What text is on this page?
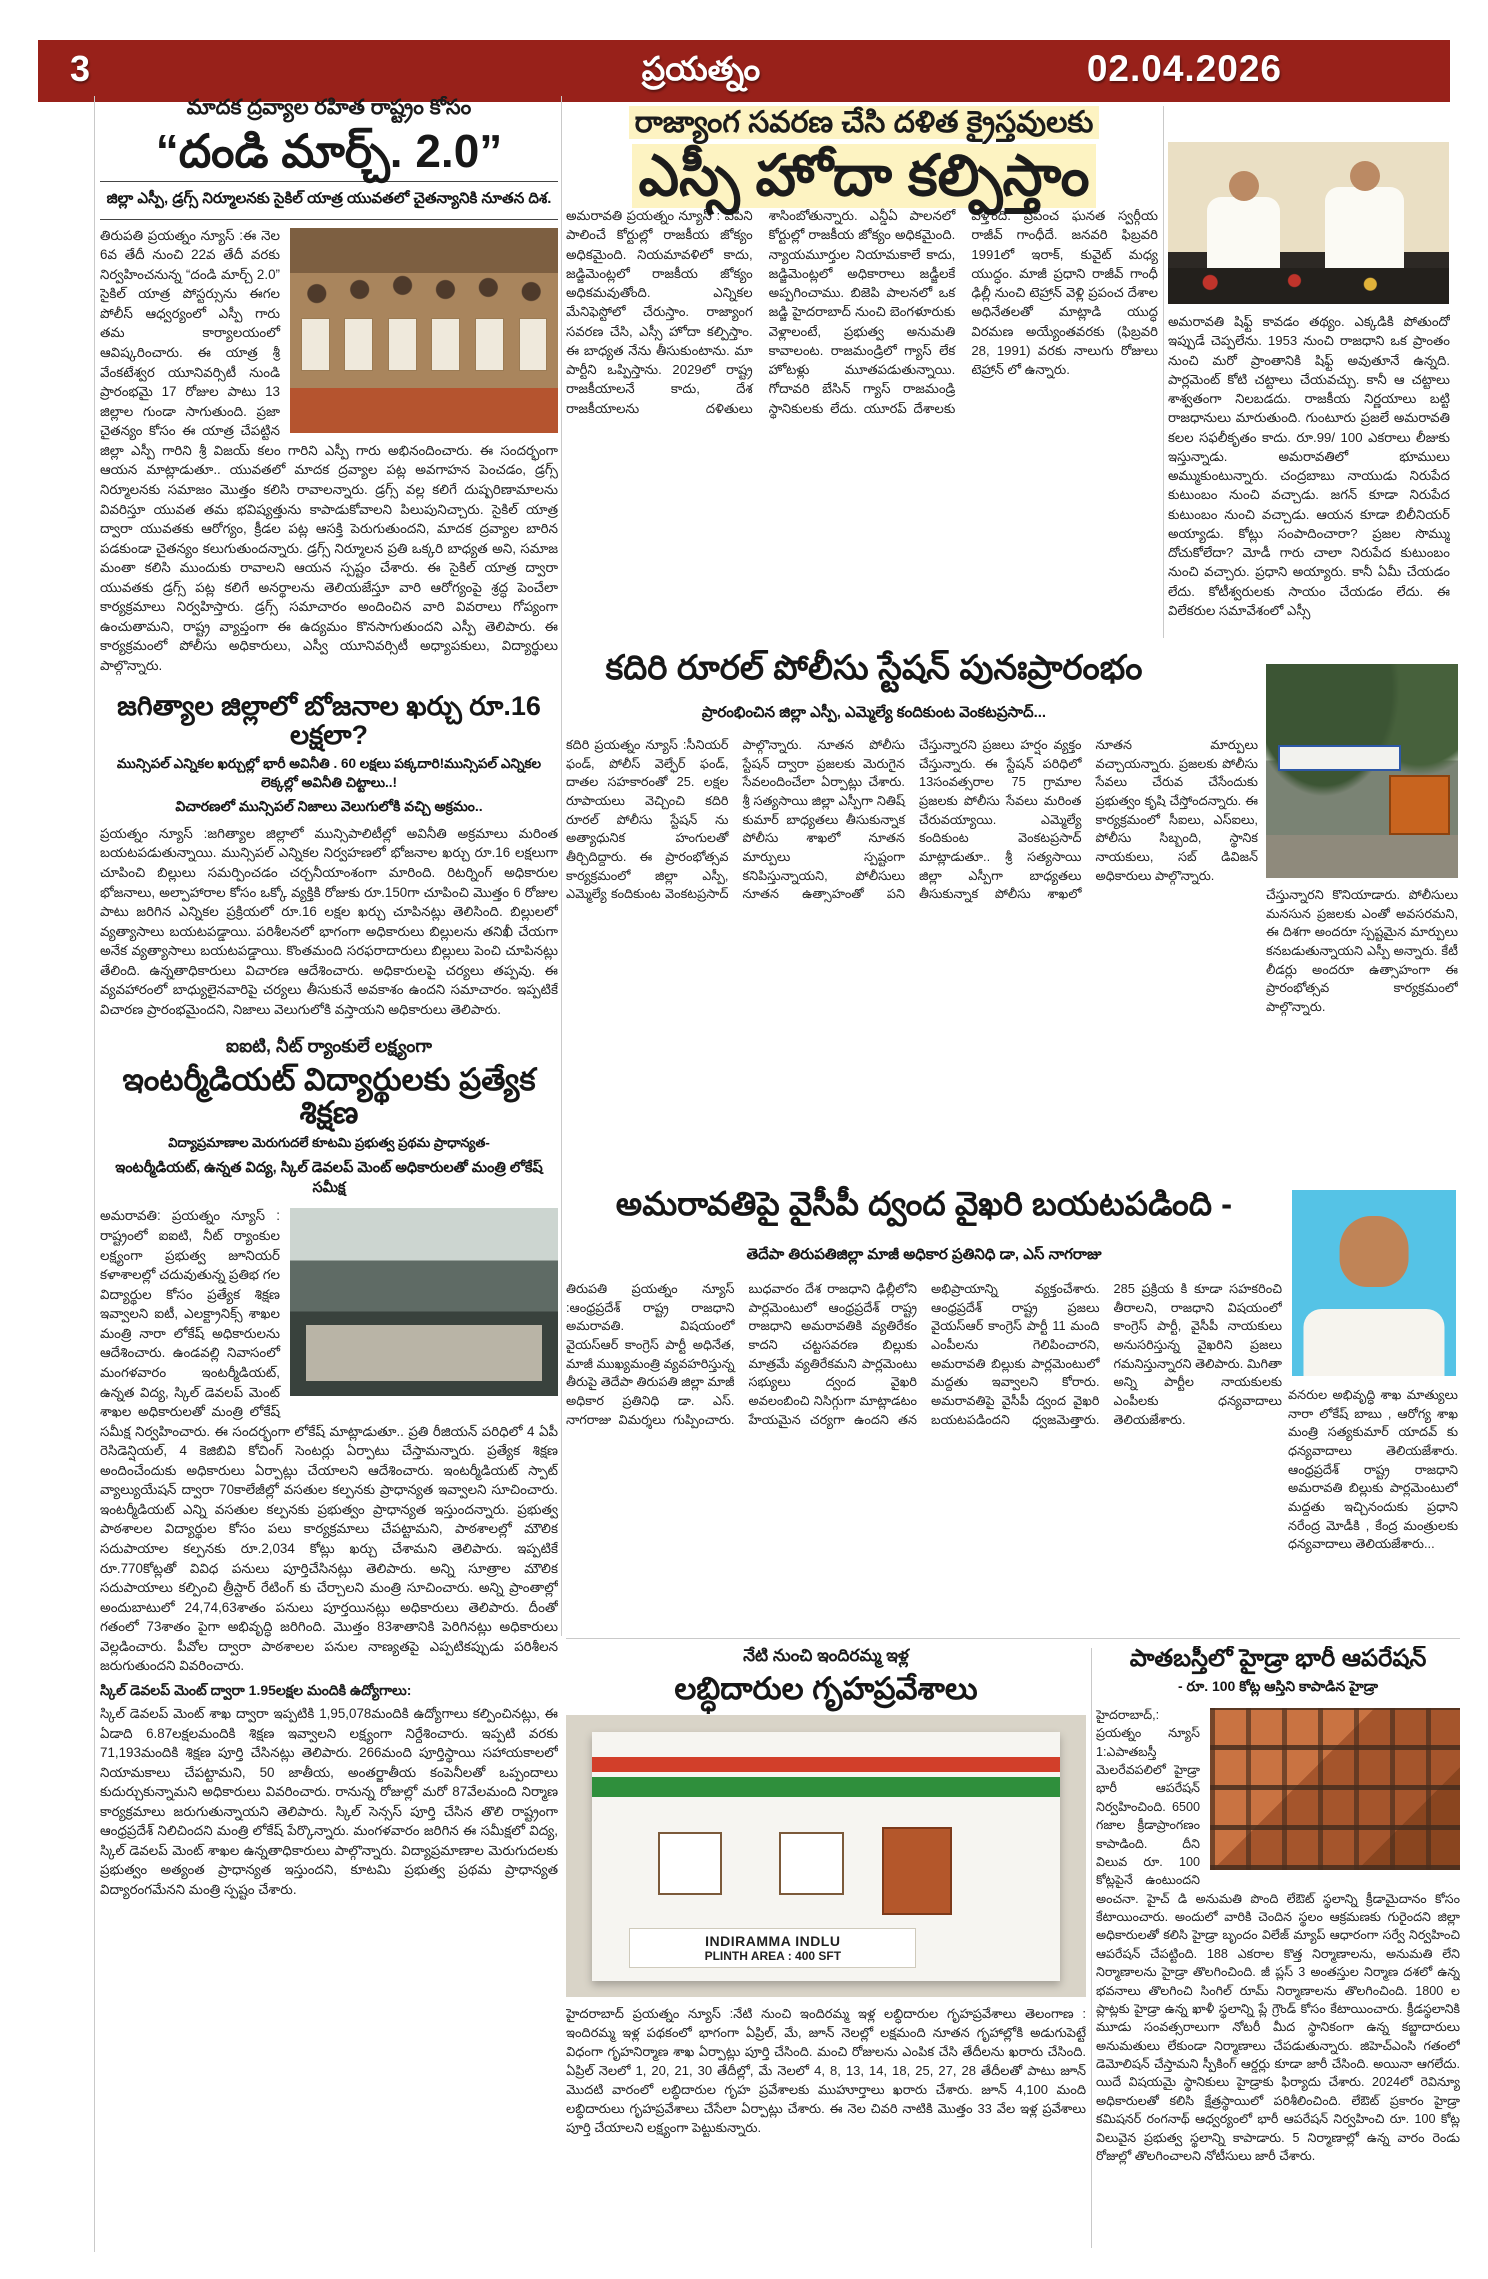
3	ప్రయత్నం	02.04.2026
మాదక ద్రవ్యాల రహిత రాష్ట్రం కోసం
“దండి మార్చ్. 2.0”
జిల్లా ఎస్పీ, డ్రగ్స్ నిర్మూలనకు సైకిల్ యాత్ర యువతలో చైతన్యానికి నూతన దిశ.
తిరుపతి ప్రయత్నం న్యూస్ :ఈ నెల 6వ తేదీ నుంచి 22వ తేదీ వరకు నిర్వహించనున్న “దండి మార్చ్ 2.0” సైకిల్ యాత్ర పోస్టర్సును ఈగల పోలీస్ ఆధ్వర్యంలో ఎస్పీ గారు తమ కార్యాలయంలో ఆవిష్కరించారు. ఈ యాత్ర శ్రీ వేంకటేశ్వర యూనివర్సిటీ నుండి ప్రారంభమై 17 రోజుల పాటు 13 జిల్లాల గుండా సాగుతుంది. ప్రజా చైతన్యం కోసం ఈ యాత్ర చేపట్టిన జిల్లా ఎస్పీ గారిని శ్రీ విజయ్ కలం గారిని ఎస్పీ గారు అభినందించారు. ఈ సందర్భంగా ఆయన మాట్లాడుతూ.. యువతలో మాదక ద్రవ్యాల పట్ల అవగాహన పెంచడం, డ్రగ్స్ నిర్మూలనకు సమాజం మొత్తం కలిసి రావాలన్నారు. డ్రగ్స్ వల్ల కలిగే దుష్పరిణామాలను వివరిస్తూ యువత తమ భవిష్యత్తును కాపాడుకోవాలని పిలుపునిచ్చారు. సైకిల్ యాత్ర ద్వారా యువతకు ఆరోగ్యం, క్రీడల పట్ల ఆసక్తి పెరుగుతుందని, మాదక ద్రవ్యాల బారిన పడకుండా చైతన్యం కలుగుతుందన్నారు. డ్రగ్స్ నిర్మూలన ప్రతి ఒక్కరి బాధ్యత అని, సమాజ మంతా కలిసి ముందుకు రావాలని ఆయన స్పష్టం చేశారు. ఈ సైకిల్ యాత్ర ద్వారా యువతకు డ్రగ్స్ పట్ల కలిగే అనర్థాలను తెలియజేస్తూ వారి ఆరోగ్యంపై శ్రద్ధ పెంచేలా కార్యక్రమాలు నిర్వహిస్తారు. డ్రగ్స్ సమాచారం అందించిన వారి వివరాలు గోప్యంగా ఉంచుతామని, రాష్ట్ర వ్యాప్తంగా ఈ ఉద్యమం కొనసాగుతుందని ఎస్పీ తెలిపారు. ఈ కార్యక్రమంలో పోలీసు అధికారులు, ఎస్వీ యూనివర్సిటీ అధ్యాపకులు, విద్యార్థులు పాల్గొన్నారు.
జగిత్యాల జిల్లాలో బోజనాల ఖర్చు రూ.16 లక్షలా?
మున్సిపల్ ఎన్నికల ఖర్చుల్లో భారీ అవినీతి . 60 లక్షలు పక్కదారి!మున్సిపల్ ఎన్నికల లెక్కల్లో అవినీతి చిట్టాలు..!
విచారణలో మున్సిపల్ నిజాలు వెలుగులోకి వచ్చి అక్రమం..
ప్రయత్నం న్యూస్ :జగిత్యాల జిల్లాలో మున్సిపాలిటీల్లో అవినీతి అక్రమాలు మరింత బయటపడుతున్నాయి. మున్సిపల్ ఎన్నికల నిర్వహణలో భోజనాల ఖర్చు రూ.16 లక్షలుగా చూపించి బిల్లులు సమర్పించడం చర్చనీయాంశంగా మారింది. రిటర్నింగ్ అధికారుల భోజనాలు, అల్పాహారాల కోసం ఒక్కో వ్యక్తికి రోజుకు రూ.150గా చూపించి మొత్తం 6 రోజుల పాటు జరిగిన ఎన్నికల ప్రక్రియలో రూ.16 లక్షల ఖర్చు చూపినట్లు తెలిసింది. బిల్లులలో వ్యత్యాసాలు బయటపడ్డాయి. పరిశీలనలో భాగంగా అధికారులు బిల్లులను తనిఖీ చేయగా అనేక వ్యత్యాసాలు బయటపడ్డాయి. కొంతమంది సరఫరాదారులు బిల్లులు పెంచి చూపినట్లు తేలింది. ఉన్నతాధికారులు విచారణ ఆదేశించారు. అధికారులపై చర్యలు తప్పవు. ఈ వ్యవహారంలో బాధ్యులైనవారిపై చర్యలు తీసుకునే అవకాశం ఉందని సమాచారం. ఇప్పటికే విచారణ ప్రారంభమైందని, నిజాలు వెలుగులోకి వస్తాయని అధికారులు తెలిపారు.
ఐఐటి, నీట్ ర్యాంకులే లక్ష్యంగా
ఇంటర్మీడియట్ విద్యార్థులకు ప్రత్యేక శిక్షణ
విద్యాప్రమాణాల మెరుగుదలే కూటమి ప్రభుత్వ ప్రథమ ప్రాధాన్యత-
ఇంటర్మీడియట్, ఉన్నత విద్య, స్కిల్ డెవలప్ మెంట్ అధికారులతో మంత్రి లోకేష్ సమీక్ష
అమరావతి: ప్రయత్నం న్యూస్ : రాష్ట్రంలో ఐఐటి, నీట్ ర్యాంకుల లక్ష్యంగా ప్రభుత్వ జూనియర్ కళాశాలల్లో చదువుతున్న ప్రతిభ గల విద్యార్థుల కోసం ప్రత్యేక శిక్షణ ఇవ్వాలని ఐటీ, ఎలక్ట్రానిక్స్ శాఖల మంత్రి నారా లోకేష్ అధికారులను ఆదేశించారు. ఉండవల్లి నివాసంలో మంగళవారం ఇంటర్మీడియట్, ఉన్నత విద్య, స్కిల్ డెవలప్ మెంట్ శాఖల అధికారులతో మంత్రి లోకేష్ సమీక్ష నిర్వహించారు. ఈ సందర్భంగా లోకేష్ మాట్లాడుతూ.. ప్రతి రీజియన్ పరిధిలో 4 ఏపీ రెసిడెన్షియల్, 4 కెజిబివి కోచింగ్ సెంటర్లు ఏర్పాటు చేస్తామన్నారు. ప్రత్యేక శిక్షణ అందించేందుకు అధికారులు ఏర్పాట్లు చేయాలని ఆదేశించారు. ఇంటర్మీడియట్ స్పాట్ వ్యాల్యుయేషన్ ద్వారా 70కాలేజీల్లో వసతుల కల్పనకు ప్రాధాన్యత ఇవ్వాలని సూచించారు. ఇంటర్మీడియట్ ఎన్ని వసతుల కల్పనకు ప్రభుత్వం ప్రాధాన్యత ఇస్తుందన్నారు. ప్రభుత్వ పాఠశాలల విద్యార్థుల కోసం పలు కార్యక్రమాలు చేపట్టామని, పాఠశాలల్లో మౌలిక సదుపాయాల కల్పనకు రూ.2,034 కోట్లు ఖర్చు చేశామని తెలిపారు. ఇప్పటికే రూ.770కోట్లతో వివిధ పనులు పూర్తిచేసినట్లు తెలిపారు. అన్ని సూత్రాల మౌలిక సదుపాయాలు కల్పించి త్రీస్టార్ రేటింగ్ కు చేర్చాలని మంత్రి సూచించారు. అన్ని ప్రాంతాల్లో అందుబాటులో 24,74,63శాతం పనులు పూర్తయినట్లు అధికారులు తెలిపారు. దీంతో గతంలో 73శాతం పైగా అభివృద్ధి జరిగింది. మొత్తం 83శాతానికి పెరిగినట్లు అధికారులు వెల్లడించారు. పీవోల ద్వారా పాఠశాలల పనుల నాణ్యతపై ఎప్పటికప్పుడు పరిశీలన జరుగుతుందని వివరించారు.
స్కిల్ డెవలప్ మెంట్ ద్వారా 1.95లక్షల మందికి ఉద్యోగాలు:
స్కిల్ డెవలప్ మెంట్ శాఖ ద్వారా ఇప్పటికి 1,95,078మందికి ఉద్యోగాలు కల్పించినట్లు, ఈ ఏడాది 6.87లక్షలమందికి శిక్షణ ఇవ్వాలని లక్ష్యంగా నిర్దేశించారు. ఇప్పటి వరకు 71,193మందికి శిక్షణ పూర్తి చేసినట్లు తెలిపారు. 266మంది పూర్తిస్థాయి సహాయకాలలో నియామకాలు చేపట్టామని, 50 జాతీయ, అంతర్జాతీయ కంపెనీలతో ఒప్పందాలు కుదుర్చుకున్నామని అధికారులు వివరించారు. రానున్న రోజుల్లో మరో 87వేలమంది నిర్మాణ కార్యక్రమాలు జరుగుతున్నాయని తెలిపారు. స్కిల్ సెన్సస్ పూర్తి చేసిన తొలి రాష్ట్రంగా ఆంధ్రప్రదేశ్ నిలిచిందని మంత్రి లోకేష్ పేర్కొన్నారు. మంగళవారం జరిగిన ఈ సమీక్షలో విద్య, స్కిల్ డెవలప్ మెంట్ శాఖల ఉన్నతాధికారులు పాల్గొన్నారు. విద్యాప్రమాణాల మెరుగుదలకు ప్రభుత్వం అత్యంత ప్రాధాన్యత ఇస్తుందని, కూటమి ప్రభుత్వ ప్రథమ ప్రాధాన్యత విద్యారంగమేనని మంత్రి స్పష్టం చేశారు.
రాజ్యాంగ సవరణ చేసి దళిత క్రైస్తవులకు
ఎస్సీ హోదా కల్పిస్తాం
అమరావతి ప్రయత్నం న్యూస్ : ఏపీని పాలించే కోర్టుల్లో రాజకీయ జోక్యం అధికమైంది. నియమావళిలో కాదు, జడ్జిమెంట్లలో రాజకీయ జోక్యం అధికమవుతోంది. ఎన్నికల మేనిఫెస్టోలో చేరుస్తాం. రాజ్యాంగ సవరణ చేసి, ఎస్సీ హోదా కల్పిస్తాం. ఈ బాధ్యత నేను తీసుకుంటాను. మా పార్టీని ఒప్పిస్తాను. 2029లో రాష్ట్ర రాజకీయాలనే కాదు, దేశ రాజకీయాలను దళితులు శాసింబోతున్నారు. ఎన్డీఏ పాలనలో కోర్టుల్లో రాజకీయ జోక్యం అధికమైంది. న్యాయమూర్తుల నియామకాలే కాదు, జడ్జిమెంట్లలో అధికారాలు జడ్జీలకే అప్పగించాము. బిజెపి పాలనలో ఒక జడ్జి హైదరాబాద్ నుంచి బెంగళూరుకు వెళ్లాలంటే, ప్రభుత్వ అనుమతి కావాలంట. రాజమండ్రిలో గ్యాస్ లేక హోటళ్లు మూతపడుతున్నాయి. గోదావరి బేసిన్ గ్యాస్ రాజమండ్రి స్థానికులకు లేదు. యూరప్ దేశాలకు వెళ్తోంది. ప్రపంచ ఘనత స్వర్గీయ రాజీవ్ గాంధీదే. జనవరి ఫిబ్రవరి 1991లో ఇరాక్, కువైట్ మధ్య యుద్ధం. మాజీ ప్రధాని రాజీవ్ గాంధీ ఢిల్లీ నుంచి టెహ్రాన్ వెళ్లి ప్రపంచ దేశాల అధినేతలతో మాట్లాడి యుద్ధ విరమణ అయ్యేంతవరకు (ఫిబ్రవరి 28, 1991) వరకు నాలుగు రోజులు టెహ్రాన్ లో ఉన్నారు.
అమరావతి షిఫ్ట్ కావడం తథ్యం. ఎక్కడికి పోతుందో ఇప్పుడే చెప్పలేను. 1953 నుంచి రాజధాని ఒక ప్రాంతం నుంచి మరో ప్రాంతానికి షిఫ్ట్ అవుతూనే ఉన్నది. పార్లమెంట్ కోటి చట్టాలు చేయవచ్చు. కానీ ఆ చట్టాలు శాశ్వతంగా నిలబడదు. రాజకీయ నిర్ణయాలు బట్టి రాజధానులు మారుతుంది. గుంటూరు ప్రజలే అమరావతి కలల సఫలీకృతం కాదు. రూ.99/ 100 ఎకరాలు లీజుకు ఇస్తున్నాడు. అమరావతిలో భూములు అమ్ముకుంటున్నారు. చంద్రబాబు నాయుడు నిరుపేద కుటుంబం నుంచి వచ్చాడు. జగన్ కూడా నిరుపేద కుటుంబం నుంచి వచ్చాడు. ఆయన కూడా బిలీనియర్ అయ్యాడు. కోట్లు సంపాదించారా? ప్రజల సొమ్ము దోచుకోలేదా? మోడీ గారు చాలా నిరుపేద కుటుంబం నుంచి వచ్చారు. ప్రధాని అయ్యారు. కానీ ఏమీ చేయడం లేదు. కోటీశ్వరులకు సాయం చేయడం లేదు. ఈ విలేకరుల సమావేశంలో ఎస్సీ
కదిరి రూరల్ పోలీసు స్టేషన్ పునఃప్రారంభం
ప్రారంభించిన జిల్లా ఎస్పీ, ఎమ్మెల్యే కందికుంట వెంకటప్రసాద్...
కదిరి ప్రయత్నం న్యూస్ :సీనియర్ ఫండ్, పోలీస్ వెల్ఫేర్ ఫండ్, దాతల సహకారంతో 25. లక్షల రూపాయలు వెచ్చించి కదిరి రూరల్ పోలీసు స్టేషన్ ను అత్యాధునిక హంగులతో తీర్చిదిద్దారు. ఈ ప్రారంభోత్సవ కార్యక్రమంలో జిల్లా ఎస్పీ, ఎమ్మెల్యే కందికుంట వెంకటప్రసాద్ పాల్గొన్నారు. నూతన పోలీసు స్టేషన్ ద్వారా ప్రజలకు మెరుగైన సేవలందించేలా ఏర్పాట్లు చేశారు. శ్రీ సత్యసాయి జిల్లా ఎస్పీగా నితిష్ కుమార్ బాధ్యతలు తీసుకున్నాక పోలీసు శాఖలో నూతన మార్పులు స్పష్టంగా కనిపిస్తున్నాయని, పోలీసులు నూతన ఉత్సాహంతో పని చేస్తున్నారని ప్రజలు హర్షం వ్యక్తం చేస్తున్నారు. ఈ స్టేషన్ పరిధిలో 13సంవత్సరాల 75 గ్రామాల ప్రజలకు పోలీసు సేవలు మరింత చేరువయ్యాయి. ఎమ్మెల్యే కందికుంట వెంకటప్రసాద్ మాట్లాడుతూ.. శ్రీ సత్యసాయి జిల్లా ఎస్పీగా బాధ్యతలు తీసుకున్నాక పోలీసు శాఖలో నూతన మార్పులు వచ్చాయన్నారు. ప్రజలకు పోలీసు సేవలు చేరువ చేసేందుకు ప్రభుత్వం కృషి చేస్తోందన్నారు. ఈ కార్యక్రమంలో సీఐలు, ఎస్ఐలు, పోలీసు సిబ్బంది, స్థానిక నాయకులు, సబ్ డివిజన్ అధికారులు పాల్గొన్నారు.
చేస్తున్నారని కొనియాడారు. పోలీసులు మనసున ప్రజలకు ఎంతో అవసరమని, ఈ దిశగా అందరూ స్పష్టమైన మార్పులు కనబడుతున్నాయని ఎస్పీ అన్నారు. కేటీ లీడర్లు అందరూ ఉత్సాహంగా ఈ ప్రారంభోత్సవ కార్యక్రమంలో పాల్గొన్నారు.
అమరావతిపై వైసీపీ ద్వంద వైఖరి బయటపడింది -
తెదేపా తిరుపతిజిల్లా మాజీ అధికార ప్రతినిధి డా, ఎస్ నాగరాజు
తిరుపతి ప్రయత్నం న్యూస్ :ఆంధ్రప్రదేశ్ రాష్ట్ర రాజధాని అమరావతి. విషయంలో వైయస్ఆర్ కాంగ్రెస్ పార్టీ అధినేత, మాజీ ముఖ్యమంత్రి వ్యవహరిస్తున్న తీరుపై తెదేపా తిరుపతి జిల్లా మాజీ అధికార ప్రతినిధి డా. ఎస్. నాగరాజు విమర్శలు గుప్పించారు. బుధవారం దేశ రాజధాని ఢిల్లీలోని పార్లమెంటులో ఆంధ్రప్రదేశ్ రాష్ట్ర రాజధాని అమరావతికి వ్యతిరేకం కాదని చట్టసవరణ బిల్లుకు మాత్రమే వ్యతిరేకమని పార్లమెంటు సభ్యులు ద్వంద వైఖరి అవలంబించి నిసిగ్గుగా మాట్లాడటం హేయమైన చర్యగా ఉందని తన అభిప్రాయాన్ని వ్యక్తంచేశారు. ఆంధ్రప్రదేశ్ రాష్ట్ర ప్రజలు వైయస్ఆర్ కాంగ్రెస్ పార్టీ 11 మంది ఎంపీలను గెలిపించారని, అమరావతి బిల్లుకు పార్లమెంటులో మద్దతు ఇవ్వాలని కోరారు. అమరావతిపై వైసీపీ ద్వంద వైఖరి బయటపడిందని ధ్వజమెత్తారు. 285 ప్రక్రియ కి కూడా సహకరించి తీరాలని, రాజధాని విషయంలో కాంగ్రెస్ పార్టీ, వైసీపీ నాయకులు అనుసరిస్తున్న వైఖరిని ప్రజలు గమనిస్తున్నారని తెలిపారు. మిగితా అన్ని పార్టీల నాయకులకు ఎంపీలకు ధన్యవాదాలు తెలియజేశారు.
వనరుల అభివృద్ధి శాఖ మాత్యులు నారా లోకేష్ బాబు , ఆరోగ్య శాఖ మంత్రి సత్యకుమార్ యాదవ్ కు ధన్యవాదాలు తెలియజేశారు. ఆంధ్రప్రదేశ్ రాష్ట్ర రాజధాని అమరావతి బిల్లుకు పార్లమెంటులో మద్దతు ఇచ్చినందుకు ప్రధాని నరేంద్ర మోడీకి , కేంద్ర మంత్రులకు ధన్యవాదాలు తెలియజేశారు...
నేటి నుంచి ఇందిరమ్మ ఇళ్ల
లబ్ధిదారుల గృహప్రవేశాలు
INDIRAMMA INDLU
PLINTH AREA : 400 SFT
హైదరాబాద్ ప్రయత్నం న్యూస్ :నేటి నుంచి ఇందిరమ్మ ఇళ్ల లబ్ధిదారుల గృహప్రవేశాలు తెలంగాణ : ఇందిరమ్మ ఇళ్ల పథకంలో భాగంగా ఏప్రిల్, మే, జూన్ నెలల్లో లక్షమంది నూతన గృహాల్లోకి అడుగుపెట్టే విధంగా గృహనిర్మాణ శాఖ ఏర్పాట్లు పూర్తి చేసింది. మంచి రోజులను ఎంపిక చేసి తేదీలను ఖరారు చేసింది. ఏప్రిల్ నెలలో 1, 20, 21, 30 తేదీల్లో, మే నెలలో 4, 8, 13, 14, 18, 25, 27, 28 తేదీలతో పాటు జూన్ మొదటి వారంలో లబ్ధిదారుల గృహ ప్రవేశాలకు ముహూర్తాలు ఖరారు చేశారు. జూన్ 4,100 మంది లబ్ధిదారులు గృహప్రవేశాలు చేసేలా ఏర్పాట్లు చేశారు. ఈ నెల చివరి నాటికి మొత్తం 33 వేల ఇళ్ల ప్రవేశాలు పూర్తి చేయాలని లక్ష్యంగా పెట్టుకున్నారు.
పాతబస్తీలో హైడ్రా భారీ ఆపరేషన్
- రూ. 100 కోట్ల ఆస్తిని కాపాడిన హైడ్రా
హైదరాబాద్,: ప్రయత్నం న్యూస్ 1:ఎపాతబస్తీ మెలరేవపలిలో హైడ్రా భారీ ఆపరేషన్ నిర్వహించింది. 6500 గజాల క్రీడాప్రాంగణం కాపాడింది. దీని విలువ రూ. 100 కోట్లపైనే ఉంటుందని అంచనా. హైచ్ డి అనుమతి పొంది లేఔట్ స్థలాన్ని క్రీడామైదానం కోసం కేటాయించారు. అందులో వారికి చెందిన స్థలం ఆక్రమణకు గురైందని జిల్లా అధికారులతో కలిసి హైడ్రా బృందం విలేజ్ మ్యాప్ ఆధారంగా సర్వే నిర్వహించి ఆపరేషన్ చేపట్టింది. 188 ఎకరాల కొత్త నిర్మాణాలను, అనుమతి లేని నిర్మాణాలను హైడ్రా తొలగించింది. జీ ప్లస్ 3 అంతస్తుల నిర్మాణ దశలో ఉన్న భవనాలు తొలగించి సింగిల్ రూమ్ నిర్మాణాలను తొలగించింది. 1800 ల ప్లాట్లకు హైడ్రా ఉన్న ఖాళీ స్థలాన్ని ప్లే గ్రౌండ్ కోసం కేటాయించారు. క్రీడస్థలానికి మూడు సంవత్సరాలుగా నోటరీ మీద స్థానికంగా ఉన్న కబ్జాదారులు అనుమతులు లేకుండా నిర్మాణాలు చేపడుతున్నారు. జిహెచ్ఎంసి గతంలో డెమోలిషన్ చేస్తామని స్పీకింగ్ ఆర్డర్లు కూడా జారీ చేసింది. అయినా ఆగలేదు. యిదే విషయమై స్థానికులు హైడ్రాకు ఫిర్యాదు చేశారు. 2024లో రెవిన్యూ అధికారులతో కలిసి క్షేత్రస్థాయిలో పరిశీలించింది. లేఔట్ ప్రకారం హైడ్రా కమిషనర్ రంగనాథ్ ఆధ్వర్యంలో భారీ ఆపరేషన్ నిర్వహించి రూ. 100 కోట్ల విలువైన ప్రభుత్వ స్థలాన్ని కాపాడారు. 5 నిర్మాణాల్లో ఉన్న వారం రెండు రోజుల్లో తొలగించాలని నోటీసులు జారీ చేశారు.
